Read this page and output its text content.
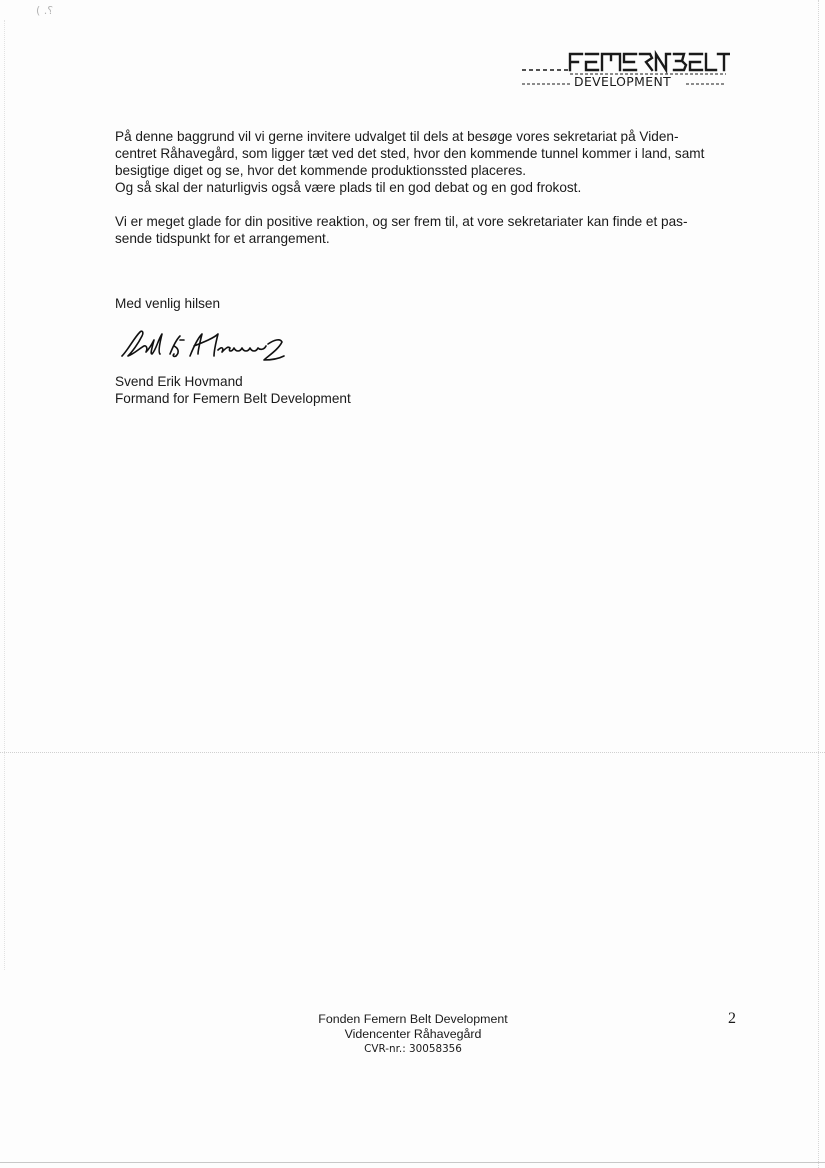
( .⸮
DEVELOPMENT

På denne baggrund vil vi gerne invitere udvalget til dels at besøge vores sekretariat på Viden-

centret Råhavegård, som ligger tæt ved det sted, hvor den kommende tunnel kommer i land, samt

besigtige diget og se, hvor det kommende produktionssted placeres.

Og så skal der naturligvis også være plads til en god debat og en god frokost.

Vi er meget glade for din positive reaktion, og ser frem til, at vore sekretariater kan finde et pas-

sende tidspunkt for et arrangement.

Med venlig hilsen

Svend Erik Hovmand

Formand for Femern Belt Development

Fonden Femern Belt Development
Videncenter Råhavegård
CVR-nr.: 30058356
2
